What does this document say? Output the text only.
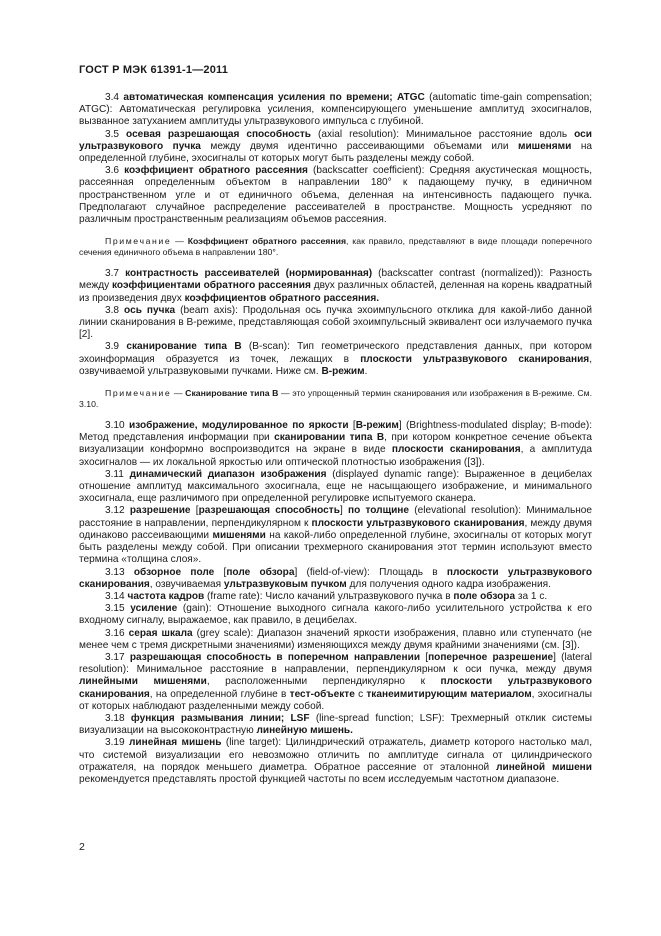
ГОСТ Р МЭК 61391-1—2011

3.4 автоматическая компенсация усиления по времени; ATGC (automatic time-gain compensation; ATGC): Автоматическая регулировка усиления, компенсирующего уменьшение амплитуд эхосигналов, вызванное затуханием амплитуды ультразвукового импульса с глубиной.

3.5 осевая разрешающая способность (axial resolution): Минимальное расстояние вдоль оси ультразвукового пучка между двумя идентично рассеивающими объемами или мишенями на определенной глубине, эхосигналы от которых могут быть разделены между собой.

3.6 коэффициент обратного рассеяния (backscatter coefficient): Средняя акустическая мощность, рассеянная определенным объектом в направлении 180° к падающему пучку, в единичном пространственном угле и от единичного объема, деленная на интенсивность падающего пучка. Предполагают случайное распределение рассеивателей в пространстве. Мощность усредняют по различным пространственным реализациям объемов рассеяния.

Примечание — Коэффициент обратного рассеяния, как правило, представляют в виде площади поперечного сечения единичного объема в направлении 180°.

3.7 контрастность рассеивателей (нормированная) (backscatter contrast (normalized)): Разность между коэффициентами обратного рассеяния двух различных областей, деленная на корень квадратный из произведения двух коэффициентов обратного рассеяния.

3.8 ось пучка (beam axis): Продольная ось пучка эхоимпульсного отклика для какой-либо данной линии сканирования в В-режиме, представляющая собой эхоимпульсный эквивалент оси излучаемого пучка [2].

3.9 сканирование типа В (B-scan): Тип геометрического представления данных, при котором эхоинформация образуется из точек, лежащих в плоскости ультразвукового сканирования, озвучиваемой ультразвуковыми пучками. Ниже см. В-режим.

Примечание — Сканирование типа В — это упрощенный термин сканирования или изображения в В-режиме. См. 3.10.

3.10 изображение, модулированное по яркости [В-режим] (Brightness-modulated display; B-mode): Метод представления информации при сканировании типа В, при котором конкретное сечение объекта визуализации конформно воспроизводится на экране в виде плоскости сканирования, а амплитуда эхосигналов — их локальной яркостью или оптической плотностью изображения ([3]).

3.11 динамический диапазон изображения (displayed dynamic range): Выраженное в децибелах отношение амплитуд максимального эхосигнала, еще не насыщающего изображение, и минимального эхосигнала, еще различимого при определенной регулировке испытуемого сканера.

3.12 разрешение [разрешающая способность] по толщине (elevational resolution): Минимальное расстояние в направлении, перпендикулярном к плоскости ультразвукового сканирования, между двумя одинаково рассеивающими мишенями на какой-либо определенной глубине, эхосигналы от которых могут быть разделены между собой. При описании трехмерного сканирования этот термин используют вместо термина «толщина слоя».

3.13 обзорное поле [поле обзора] (field-of-view): Площадь в плоскости ультразвукового сканирования, озвучиваемая ультразвуковым пучком для получения одного кадра изображения.

3.14 частота кадров (frame rate): Число качаний ультразвукового пучка в поле обзора за 1 с.

3.15 усиление (gain): Отношение выходного сигнала какого-либо усилительного устройства к его входному сигналу, выражаемое, как правило, в децибелах.

3.16 серая шкала (grey scale): Диапазон значений яркости изображения, плавно или ступенчато (не менее чем с тремя дискретными значениями) изменяющихся между двумя крайними значениями (см. [3]).

3.17 разрешающая способность в поперечном направлении [поперечное разрешение] (lateral resolution): Минимальное расстояние в направлении, перпендикулярном к оси пучка, между двумя линейными мишенями, расположенными перпендикулярно к плоскости ультразвукового сканирования, на определенной глубине в тест-объекте с тканеимитирующим материалом, эхосигналы от которых наблюдают разделенными между собой.

3.18 функция размывания линии; LSF (line-spread function; LSF): Трехмерный отклик системы визуализации на высококонтрастную линейную мишень.

3.19 линейная мишень (line target): Цилиндрический отражатель, диаметр которого настолько мал, что системой визуализации его невозможно отличить по амплитуде сигнала от цилиндрического отражателя, на порядок меньшего диаметра. Обратное рассеяние от эталонной линейной мишени рекомендуется представлять простой функцией частоты по всем исследуемым частотном диапазоне.

2
